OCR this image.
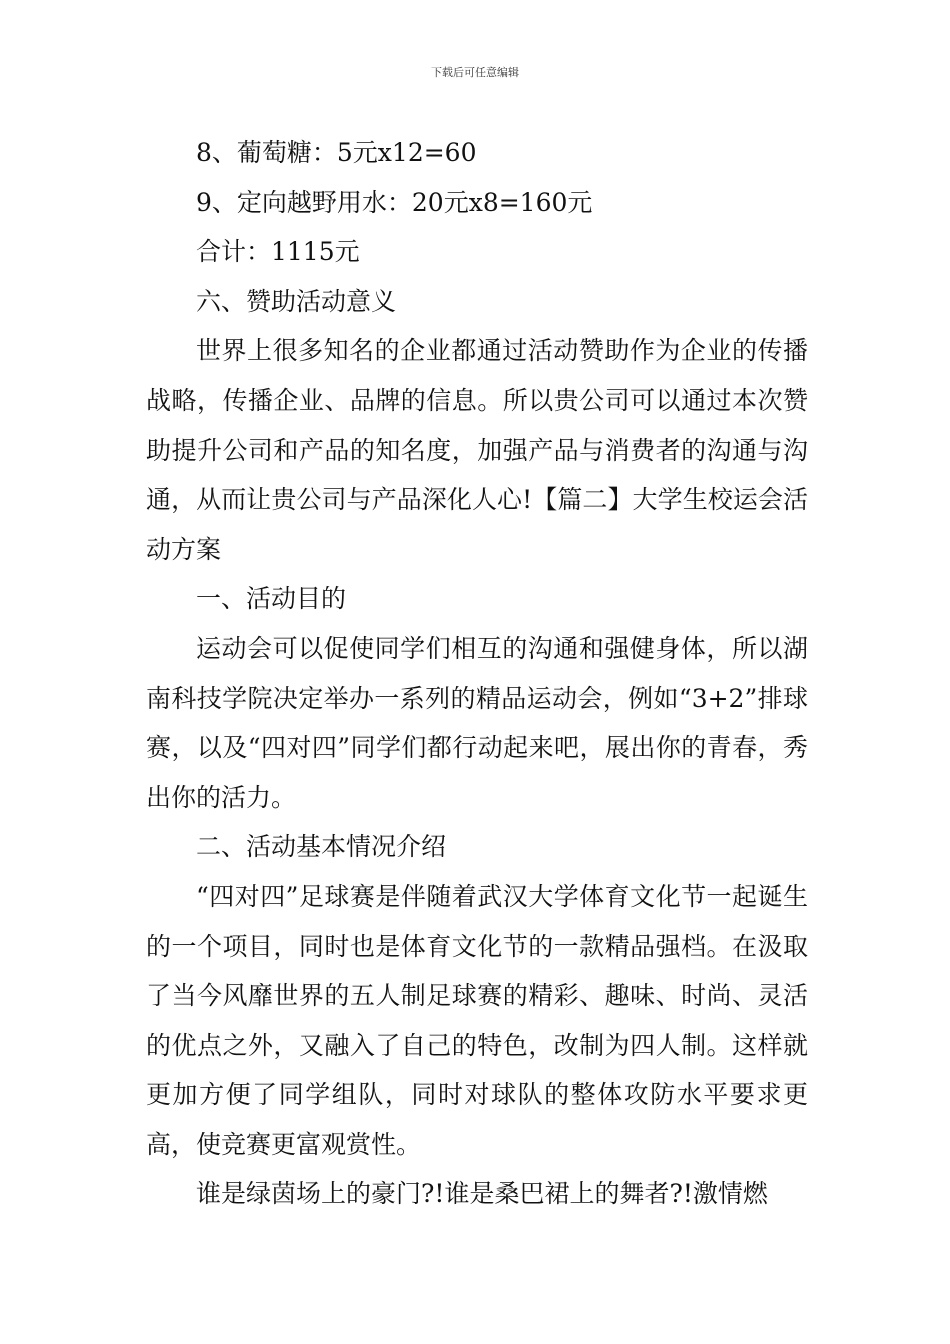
下载后可任意编辑

8、葡萄糖：5元x12=60

9、定向越野用水：20元x8=160元

合计：1115元

六、赞助活动意义

世界上很多知名的企业都通过活动赞助作为企业的传播战略，传播企业、品牌的信息。所以贵公司可以通过本次赞助提升公司和产品的知名度，加强产品与消费者的沟通与沟通，从而让贵公司与产品深化人心!【篇二】大学生校运会活动方案

一、活动目的

运动会可以促使同学们相互的沟通和强健身体，所以湖南科技学院决定举办一系列的精品运动会，例如“3+2”排球赛，以及“四对四”同学们都行动起来吧，展出你的青春，秀出你的活力。

二、活动基本情况介绍

“四对四”足球赛是伴随着武汉大学体育文化节一起诞生的一个项目，同时也是体育文化节的一款精品强档。在汲取了当今风靡世界的五人制足球赛的精彩、趣味、时尚、灵活的优点之外，又融入了自己的特色，改制为四人制。这样就更加方便了同学组队，同时对球队的整体攻防水平要求更高，使竞赛更富观赏性。

谁是绿茵场上的豪门?!谁是桑巴裙上的舞者?!激情燃
